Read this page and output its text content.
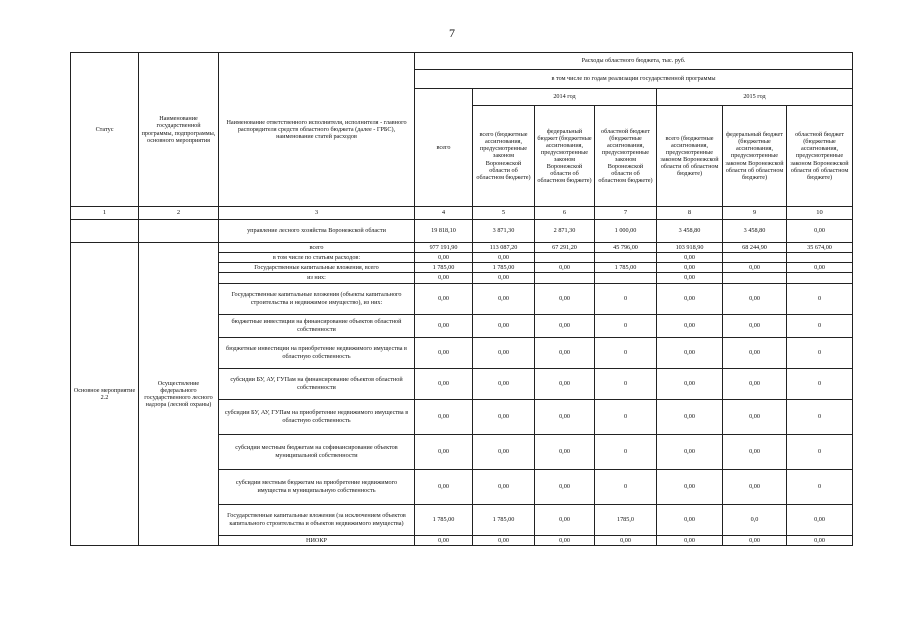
7
Статус	Наименование государственной программы, подпрограммы, основного мероприятия	Наименование ответственного исполнителя, исполнителя - главного распорядителя средств областного бюджета (далее - ГРБС), наименование статей расходов	Расходы областного бюджета, тыс. руб.						
			в том числе по годам реализации государственной программы						
			всего	2014 год			2015 год		
				всего (бюджетные ассигнования, предусмотренные законом Воронежской области об областном бюджете)	федеральный бюджет (бюджетные ассигнования, предусмотренные законом Воронежской области об областном бюджете)	областной бюджет (бюджетные ассигнования, предусмотренные законом Воронежской области об областном бюджете)	всего (бюджетные ассигнования, предусмотренные законом Воронежской области об областном бюджете)	федеральный бюджет (бюджетные ассигнования, предусмотренные законом Воронежской области об областном бюджете)	областной бюджет (бюджетные ассигнования, предусмотренные законом Воронежской области об областном бюджете)
1	2	3	4	5	6	7	8	9	10
		управление лесного хозяйства Воронежской области	19 818,10	3 871,30	2 871,30	1 000,00	3 458,80	3 458,80	0,00
Основное мероприятие 2.2	Осуществление федерального государственного лесного надзора (лесной охраны)	всего	977 191,90	113 087,20	67 291,20	45 796,00	103 918,90	68 244,90	35 674,00
		в том числе по статьям расходов:	0,00	0,00			0,00		
		Государственные капитальные вложения, всего	1 785,00	1 785,00	0,00	1 785,00	0,00	0,00	0,00
		из них:	0,00	0,00			0,00		
		Государственные капитальные вложения (объекты капитального строительства и недвижимое имущество), из них:	0,00	0,00	0,00	0	0,00	0,00	0
		бюджетные инвестиции на финансирование объектов областной собственности	0,00	0,00	0,00	0	0,00	0,00	0
		бюджетные инвестиции на приобретение недвижимого имущества в областную собственность	0,00	0,00	0,00	0	0,00	0,00	0
		субсидии БУ, АУ, ГУПам на финансирование объектов областной собственности	0,00	0,00	0,00	0	0,00	0,00	0
		субсидии БУ, АУ, ГУПам на приобретение недвижимого имущества в областную собственность	0,00	0,00	0,00	0	0,00	0,00	0
		субсидии местным бюджетам на софинансирование объектов муниципальной собственности	0,00	0,00	0,00	0	0,00	0,00	0
		субсидии местным бюджетам на приобретение недвижимого имущества в муниципальную собственность	0,00	0,00	0,00	0	0,00	0,00	0
		Государственные капитальные вложения (за исключением объектов капитального строительства и объектов недвижимого имущества)	1 785,00	1 785,00	0,00	1785,0	0,00	0,0	0,00
		НИОКР	0,00	0,00	0,00	0,00	0,00	0,00	0,00
